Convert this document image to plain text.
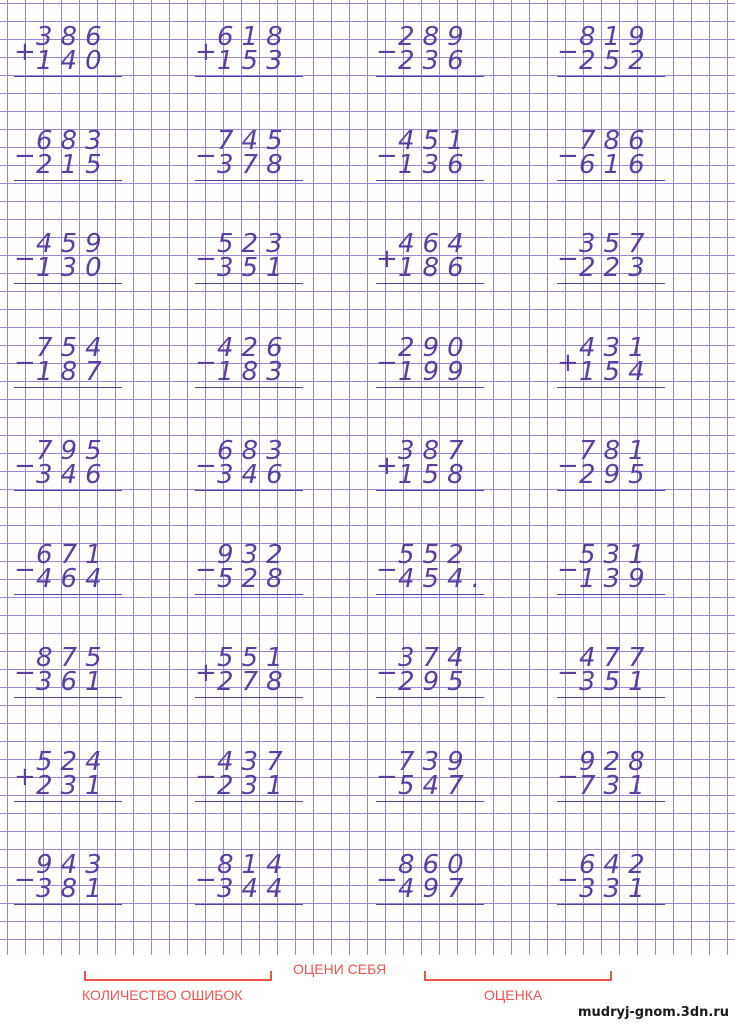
+ 386
140	+ 618
153	− 289
236	− 819
252
− 683
215	− 745
378	− 451
136	− 786
616
− 459
130	− 523
351	+ 464
186	− 357
223
− 754
187	− 426
183	− 290
199	+ 431
154
− 795
346	− 683
346	+ 387
158	− 781
295
− 671
464	− 932
528	− 552
454.	− 531
139
− 875
361	+ 551
278	− 374
295	− 477
351
+ 524
231	− 437
231	− 739
547	− 928
731
− 943
381	− 814
344	− 860
497	− 642
331
КОЛИЧЕСТВО ОШИБОК
ОЦЕНИ СЕБЯ
ОЦЕНКА
mudryj-gnom.3dn.ru
